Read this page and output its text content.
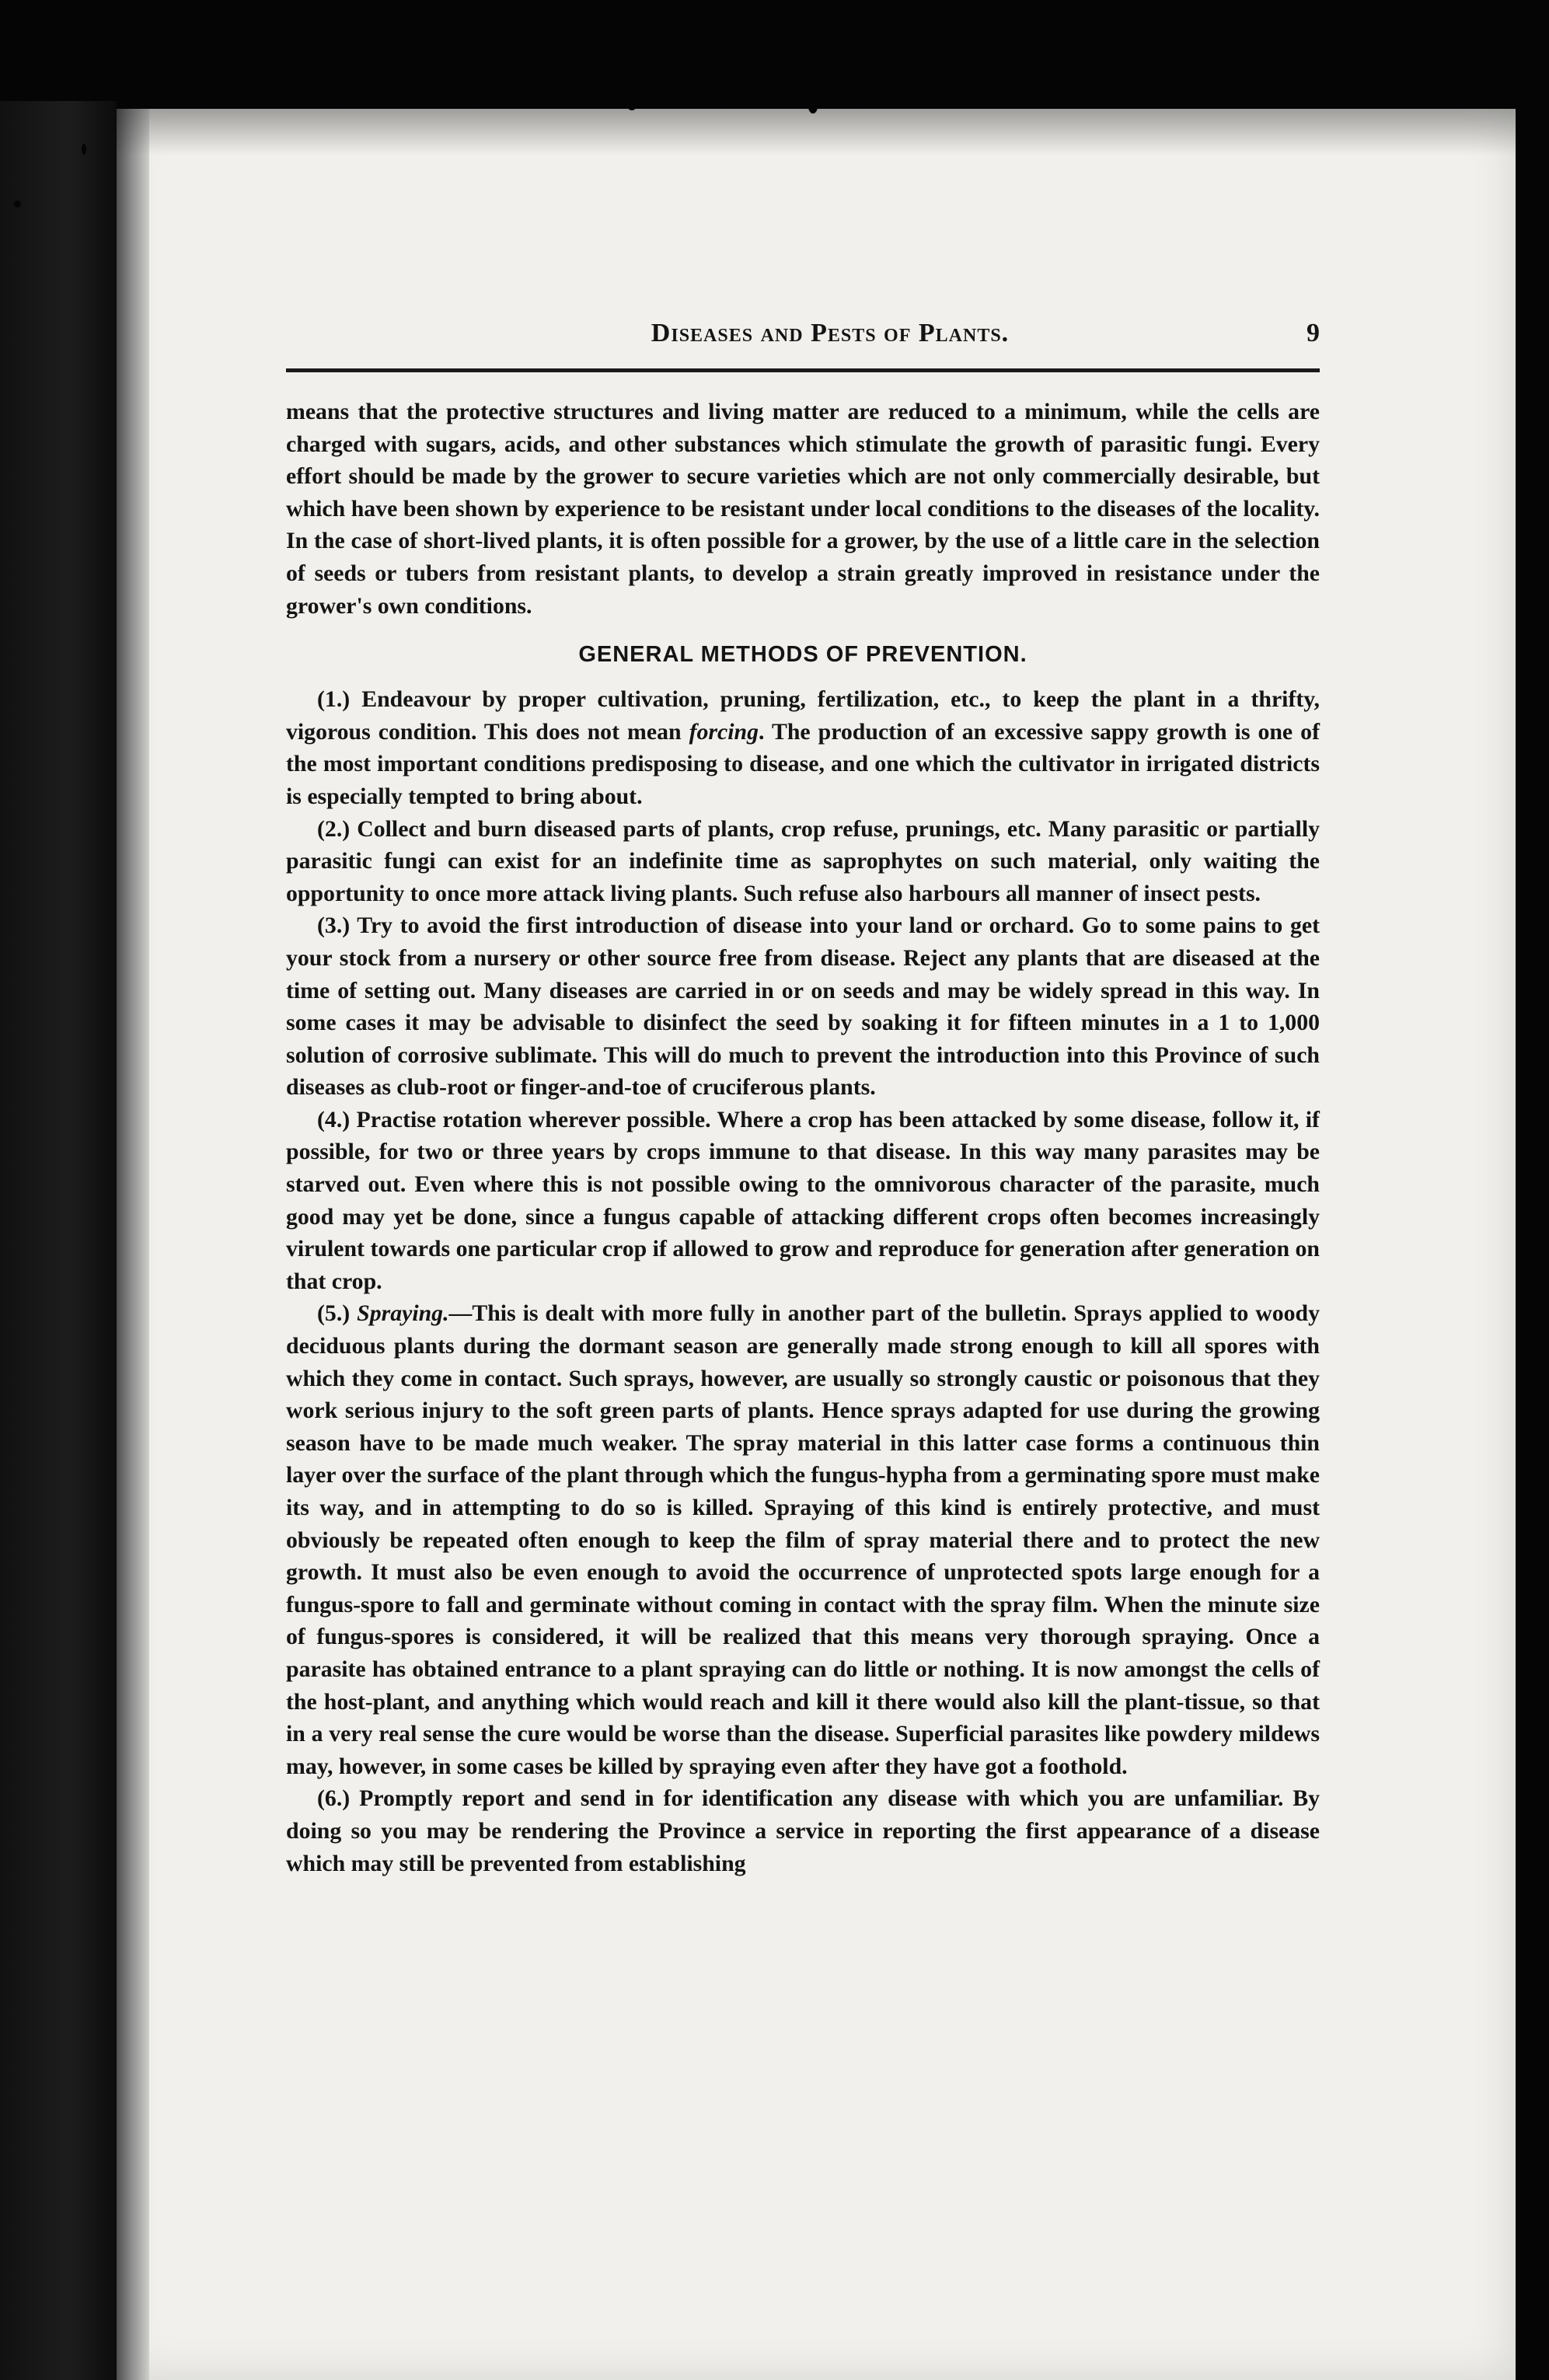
Diseases and Pests of Plants.	9

means that the protective structures and living matter are reduced to a minimum, while the cells are charged with sugars, acids, and other substances which stimulate the growth of parasitic fungi. Every effort should be made by the grower to secure varieties which are not only commercially desirable, but which have been shown by experience to be resistant under local conditions to the diseases of the locality. In the case of short-lived plants, it is often possible for a grower, by the use of a little care in the selection of seeds or tubers from resistant plants, to develop a strain greatly improved in resistance under the grower's own conditions.

GENERAL METHODS OF PREVENTION.

(1.) Endeavour by proper cultivation, pruning, fertilization, etc., to keep the plant in a thrifty, vigorous condition. This does not mean forcing. The production of an excessive sappy growth is one of the most important conditions predisposing to disease, and one which the cultivator in irrigated districts is especially tempted to bring about.

(2.) Collect and burn diseased parts of plants, crop refuse, prunings, etc. Many parasitic or partially parasitic fungi can exist for an indefinite time as saprophytes on such material, only waiting the opportunity to once more attack living plants. Such refuse also harbours all manner of insect pests.

(3.) Try to avoid the first introduction of disease into your land or orchard. Go to some pains to get your stock from a nursery or other source free from disease. Reject any plants that are diseased at the time of setting out. Many diseases are carried in or on seeds and may be widely spread in this way. In some cases it may be advisable to disinfect the seed by soaking it for fifteen minutes in a 1 to 1,000 solution of corrosive sublimate. This will do much to prevent the introduction into this Province of such diseases as club-root or finger-and-toe of cruciferous plants.

(4.) Practise rotation wherever possible. Where a crop has been attacked by some disease, follow it, if possible, for two or three years by crops immune to that disease. In this way many parasites may be starved out. Even where this is not possible owing to the omnivorous character of the parasite, much good may yet be done, since a fungus capable of attacking different crops often becomes increasingly virulent towards one particular crop if allowed to grow and reproduce for generation after generation on that crop.

(5.) Spraying.—This is dealt with more fully in another part of the bulletin. Sprays applied to woody deciduous plants during the dormant season are generally made strong enough to kill all spores with which they come in contact. Such sprays, however, are usually so strongly caustic or poisonous that they work serious injury to the soft green parts of plants. Hence sprays adapted for use during the growing season have to be made much weaker. The spray material in this latter case forms a continuous thin layer over the surface of the plant through which the fungus-hypha from a germinating spore must make its way, and in attempting to do so is killed. Spraying of this kind is entirely protective, and must obviously be repeated often enough to keep the film of spray material there and to protect the new growth. It must also be even enough to avoid the occurrence of unprotected spots large enough for a fungus-spore to fall and germinate without coming in contact with the spray film. When the minute size of fungus-spores is considered, it will be realized that this means very thorough spraying. Once a parasite has obtained entrance to a plant spraying can do little or nothing. It is now amongst the cells of the host-plant, and anything which would reach and kill it there would also kill the plant-tissue, so that in a very real sense the cure would be worse than the disease. Superficial parasites like powdery mildews may, however, in some cases be killed by spraying even after they have got a foothold.

(6.) Promptly report and send in for identification any disease with which you are unfamiliar. By doing so you may be rendering the Province a service in reporting the first appearance of a disease which may still be prevented from establishing
